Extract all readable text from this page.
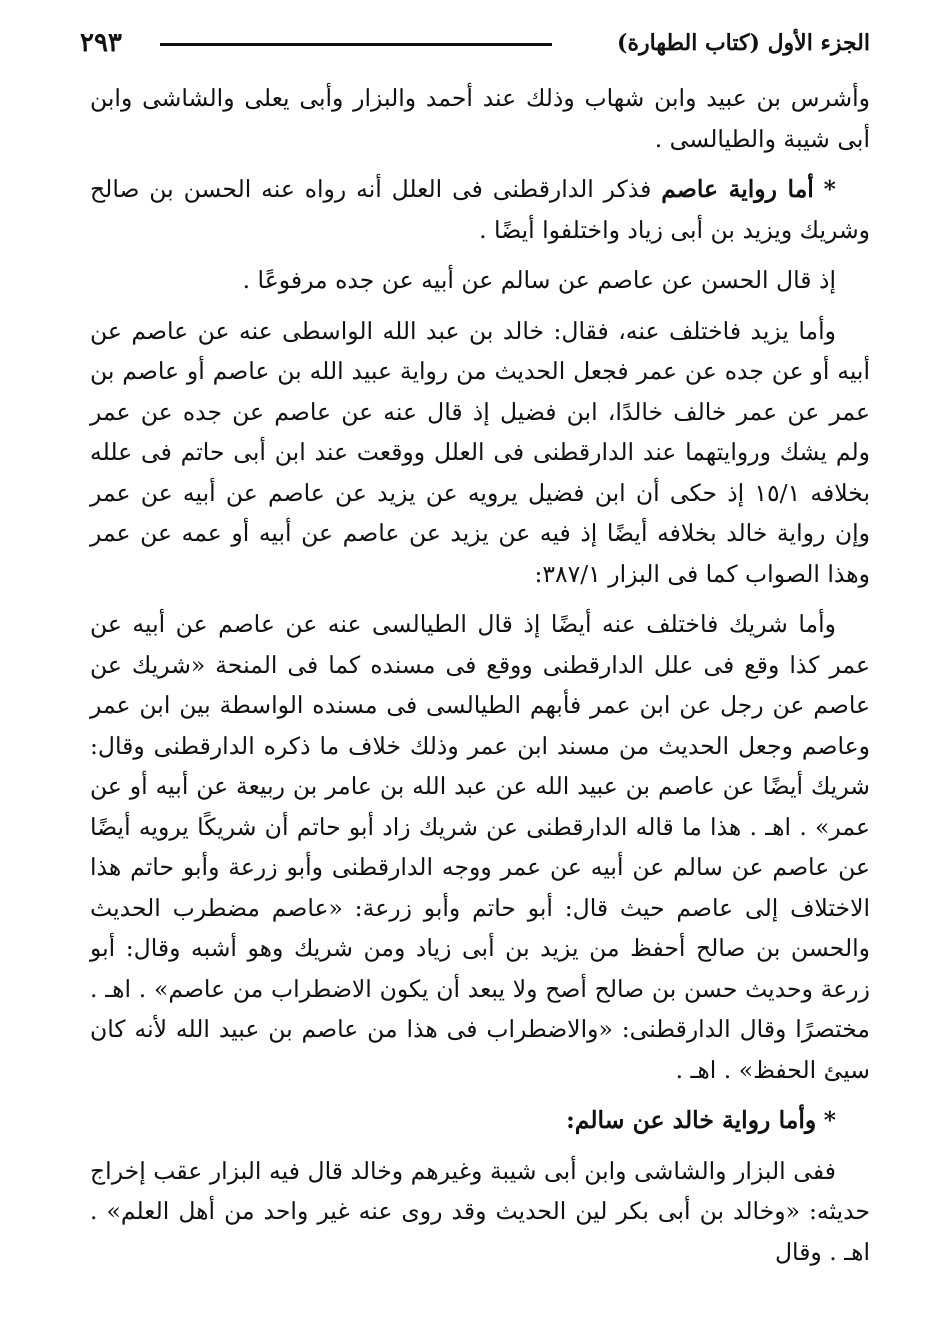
الجزء الأول (كتاب الطهارة)
٢٩٣

وأشرس بن عبيد وابن شهاب وذلك عند أحمد والبزار وأبى يعلى والشاشى وابن أبى شيبة والطيالسى .

* أما رواية عاصم فذكر الدارقطنى فى العلل أنه رواه عنه الحسن بن صالح وشريك ويزيد بن أبى زياد واختلفوا أيضًا .

إذ قال الحسن عن عاصم عن سالم عن أبيه عن جده مرفوعًا .

وأما يزيد فاختلف عنه، فقال: خالد بن عبد الله الواسطى عنه عن عاصم عن أبيه أو عن جده عن عمر فجعل الحديث من رواية عبيد الله بن عاصم أو عاصم بن عمر عن عمر خالف خالدًا، ابن فضيل إذ قال عنه عن عاصم عن جده عن عمر ولم يشك وروايتهما عند الدارقطنى فى العلل ووقعت عند ابن أبى حاتم فى علله بخلافه ١٥/١ إذ حكى أن ابن فضيل يرويه عن يزيد عن عاصم عن أبيه عن عمر وإن رواية خالد بخلافه أيضًا إذ فيه عن يزيد عن عاصم عن أبيه أو عمه عن عمر وهذا الصواب كما فى البزار ٣٨٧/١:

وأما شريك فاختلف عنه أيضًا إذ قال الطيالسى عنه عن عاصم عن أبيه عن عمر كذا وقع فى علل الدارقطنى ووقع فى مسنده كما فى المنحة «شريك عن عاصم عن رجل عن ابن عمر فأبهم الطيالسى فى مسنده الواسطة بين ابن عمر وعاصم وجعل الحديث من مسند ابن عمر وذلك خلاف ما ذكره الدارقطنى وقال: شريك أيضًا عن عاصم بن عبيد الله عن عبد الله بن عامر بن ربيعة عن أبيه أو عن عمر» . اهـ . هذا ما قاله الدارقطنى عن شريك زاد أبو حاتم أن شريكًا يرويه أيضًا عن عاصم عن سالم عن أبيه عن عمر ووجه الدارقطنى وأبو زرعة وأبو حاتم هذا الاختلاف إلى عاصم حيث قال: أبو حاتم وأبو زرعة: «عاصم مضطرب الحديث والحسن بن صالح أحفظ من يزيد بن أبى زياد ومن شريك وهو أشبه وقال: أبو زرعة وحديث حسن بن صالح أصح ولا يبعد أن يكون الاضطراب من عاصم» . اهـ . مختصرًا وقال الدارقطنى: «والاضطراب فى هذا من عاصم بن عبيد الله لأنه كان سيئ الحفظ» . اهـ .

* وأما رواية خالد عن سالم:

ففى البزار والشاشى وابن أبى شيبة وغيرهم وخالد قال فيه البزار عقب إخراج حديثه: «وخالد بن أبى بكر لين الحديث وقد روى عنه غير واحد من أهل العلم» . اهـ . وقال
